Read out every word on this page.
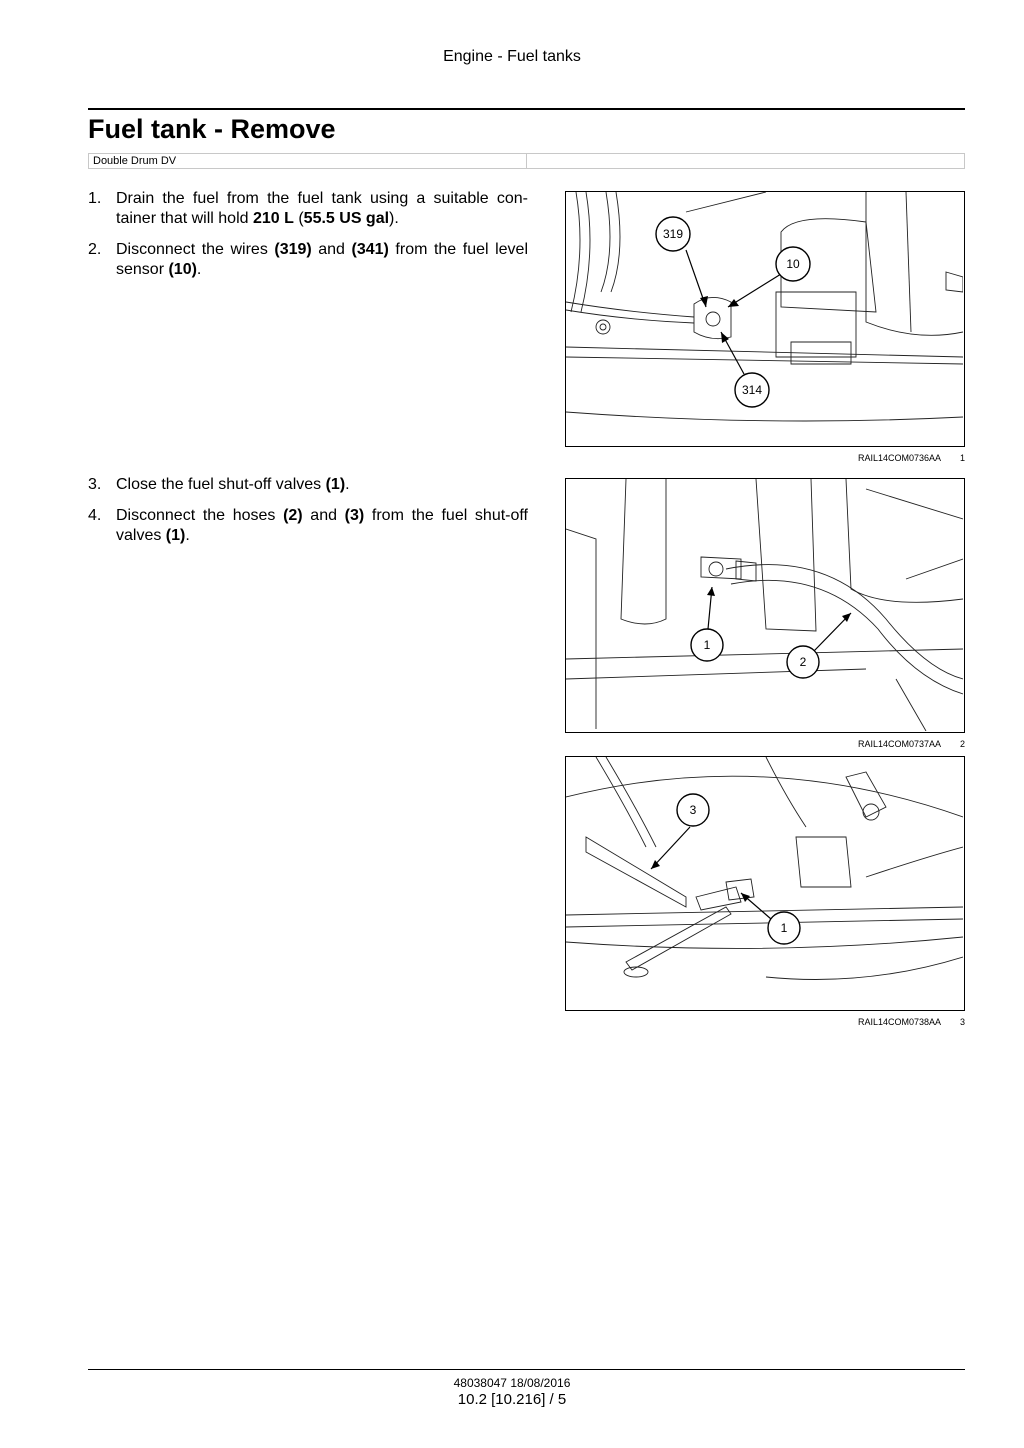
Engine - Fuel tanks
Fuel tank - Remove
Double Drum DV
1. Drain the fuel from the fuel tank using a suitable con-tainer that will hold 210 L (55.5 US gal).
2. Disconnect the wires (319) and (341) from the fuel level sensor (10).
3. Close the fuel shut-off valves (1).
4. Disconnect the hoses (2) and (3) from the fuel shut-off valves (1).
319
10
314
RAIL14COM0736AA 1
1
2
RAIL14COM0737AA 2
3
1
RAIL14COM0738AA 3
48038047 18/08/2016
10.2 [10.216] / 5
